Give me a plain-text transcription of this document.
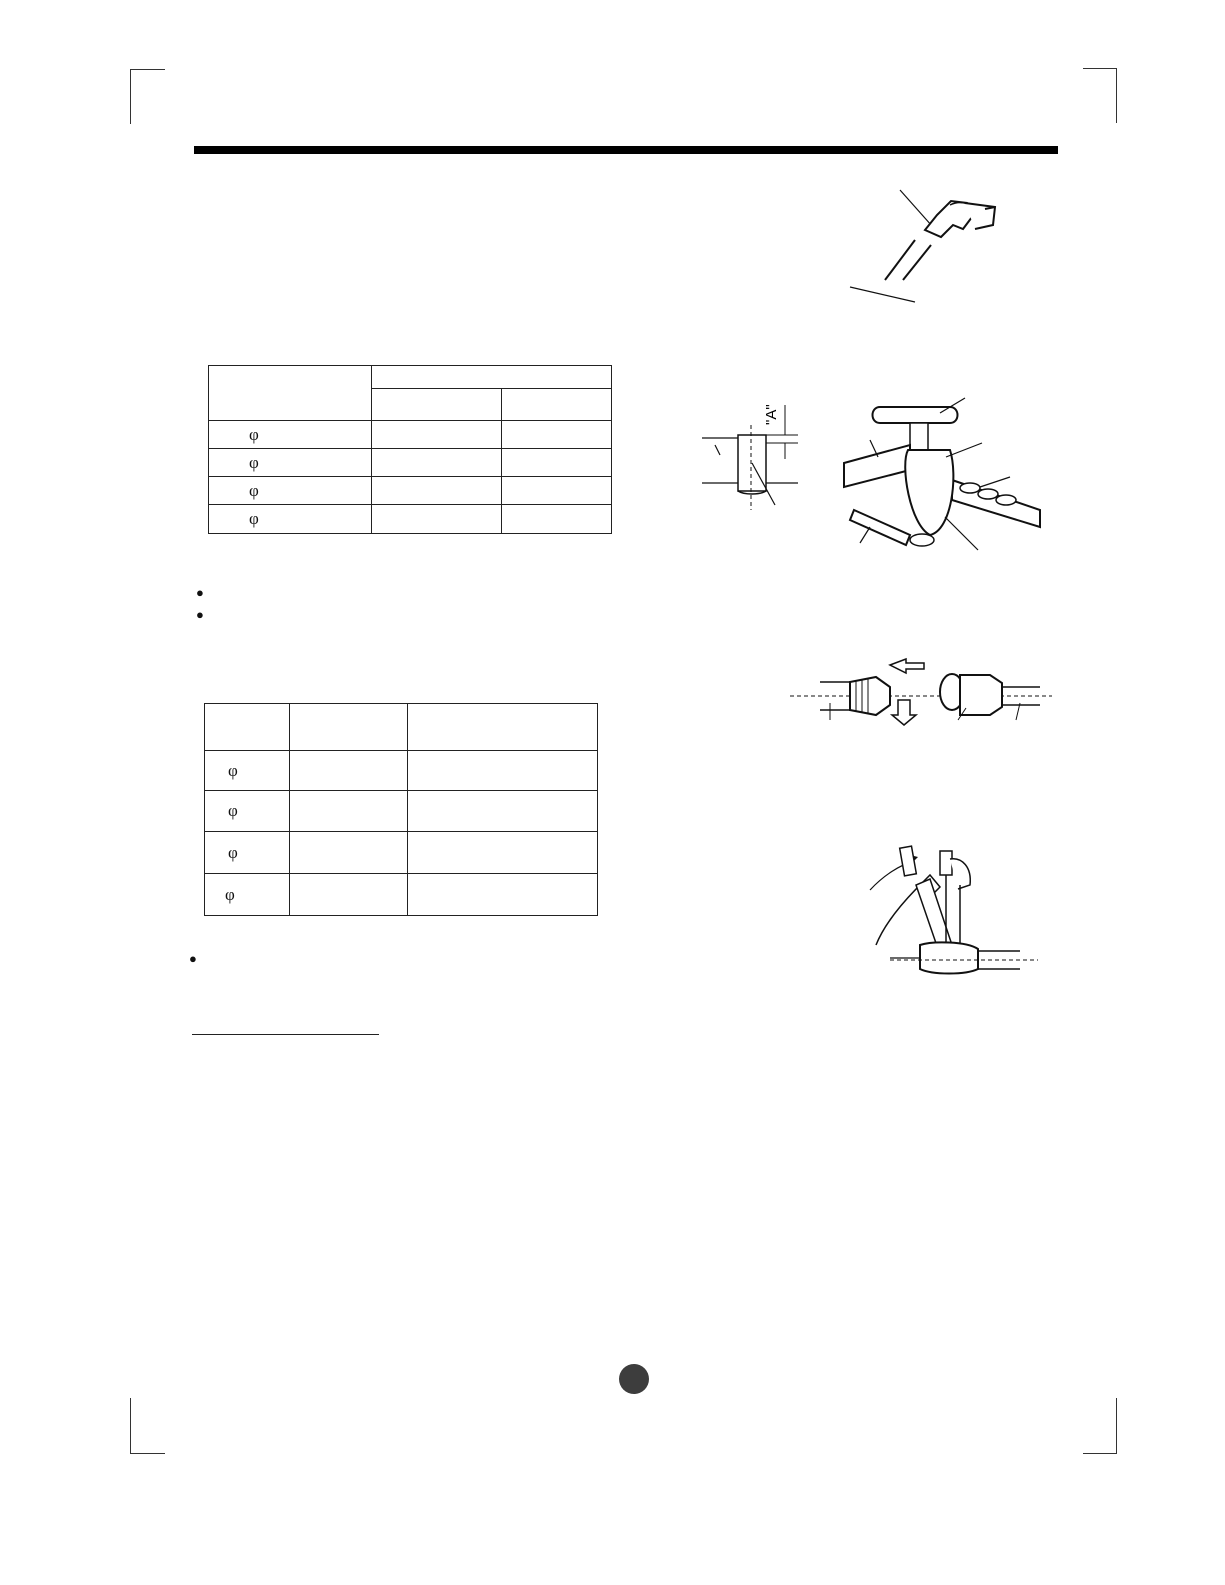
φ		
φ		
φ		
φ		
●
●

φ		
φ		
φ		
φ		
●
"A"
